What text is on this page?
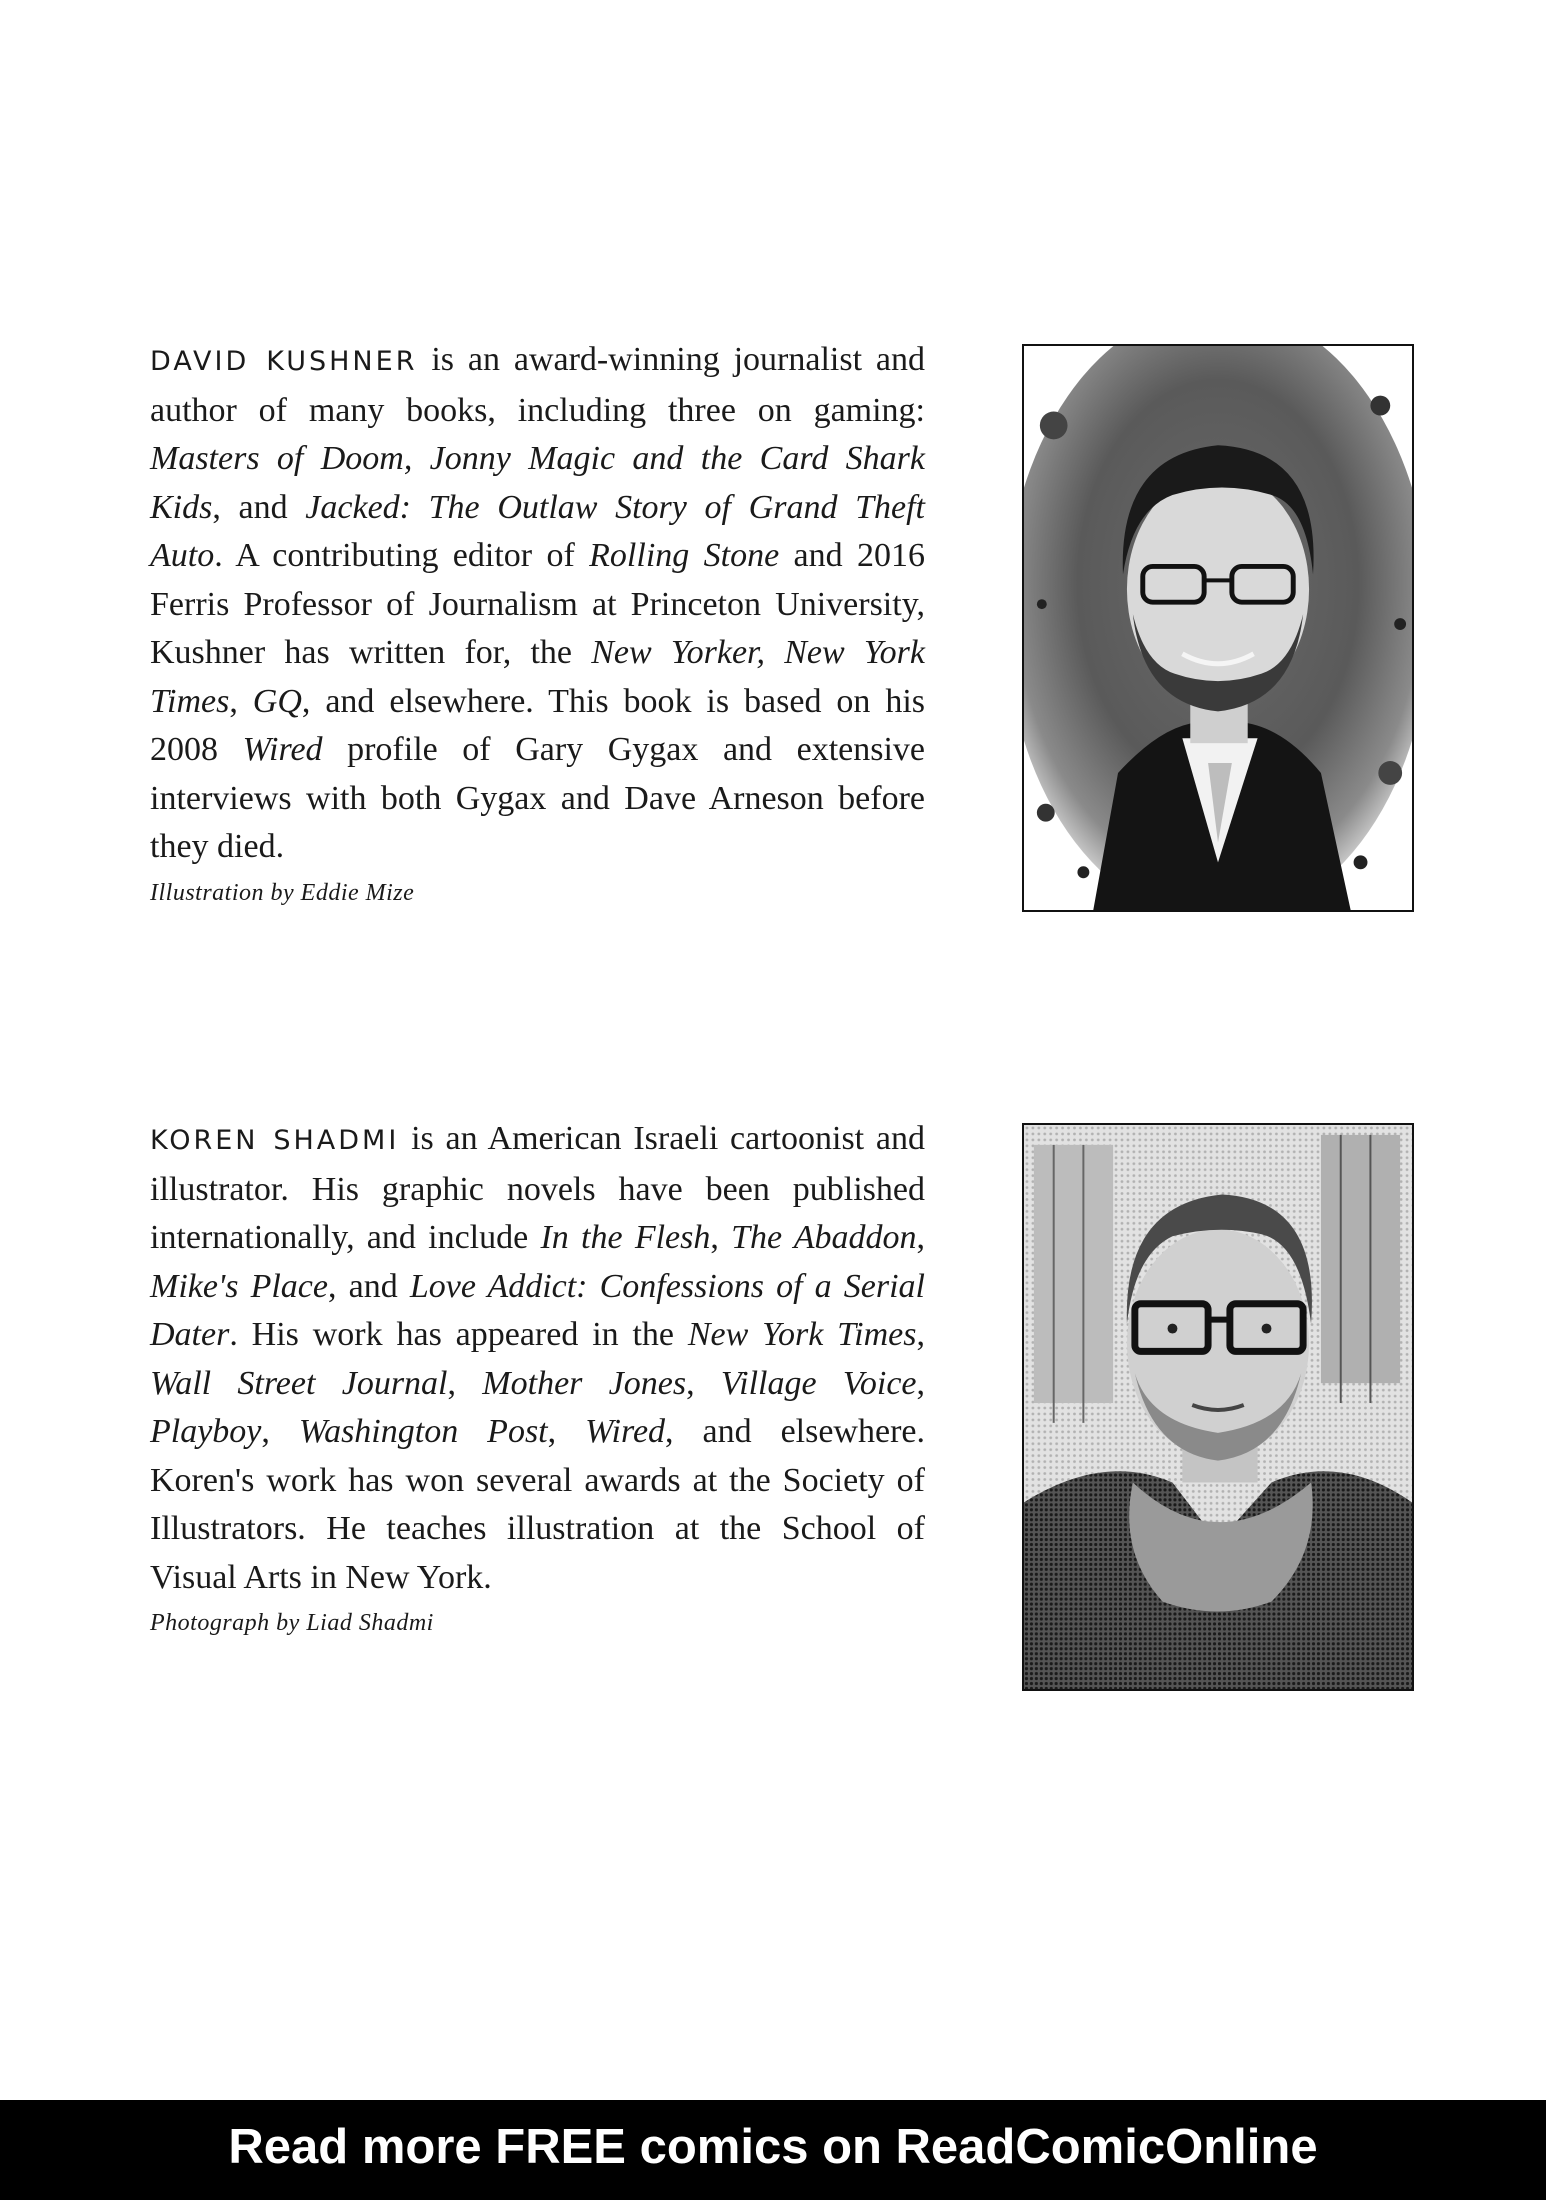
DAVID KUSHNER is an award-winning journalist and author of many books, including three on gaming: Masters of Doom, Jonny Magic and the Card Shark Kids, and Jacked: The Outlaw Story of Grand Theft Auto. A contributing editor of Rolling Stone and 2016 Ferris Professor of Journalism at Princeton University, Kushner has written for, the New Yorker, New York Times, GQ, and elsewhere. This book is based on his 2008 Wired profile of Gary Gygax and extensive interviews with both Gygax and Dave Arneson before they died.

Illustration by Eddie Mize

KOREN SHADMI is an American Israeli cartoonist and illustrator. His graphic novels have been published internationally, and include In the Flesh, The Abaddon, Mike's Place, and Love Addict: Confessions of a Serial Dater. His work has appeared in the New York Times, Wall Street Journal, Mother Jones, Village Voice, Playboy, Washington Post, Wired, and elsewhere. Koren's work has won several awards at the Society of Illustrators. He teaches illustration at the School of Visual Arts in New York.

Photograph by Liad Shadmi
Read more FREE comics on ReadComicOnline
